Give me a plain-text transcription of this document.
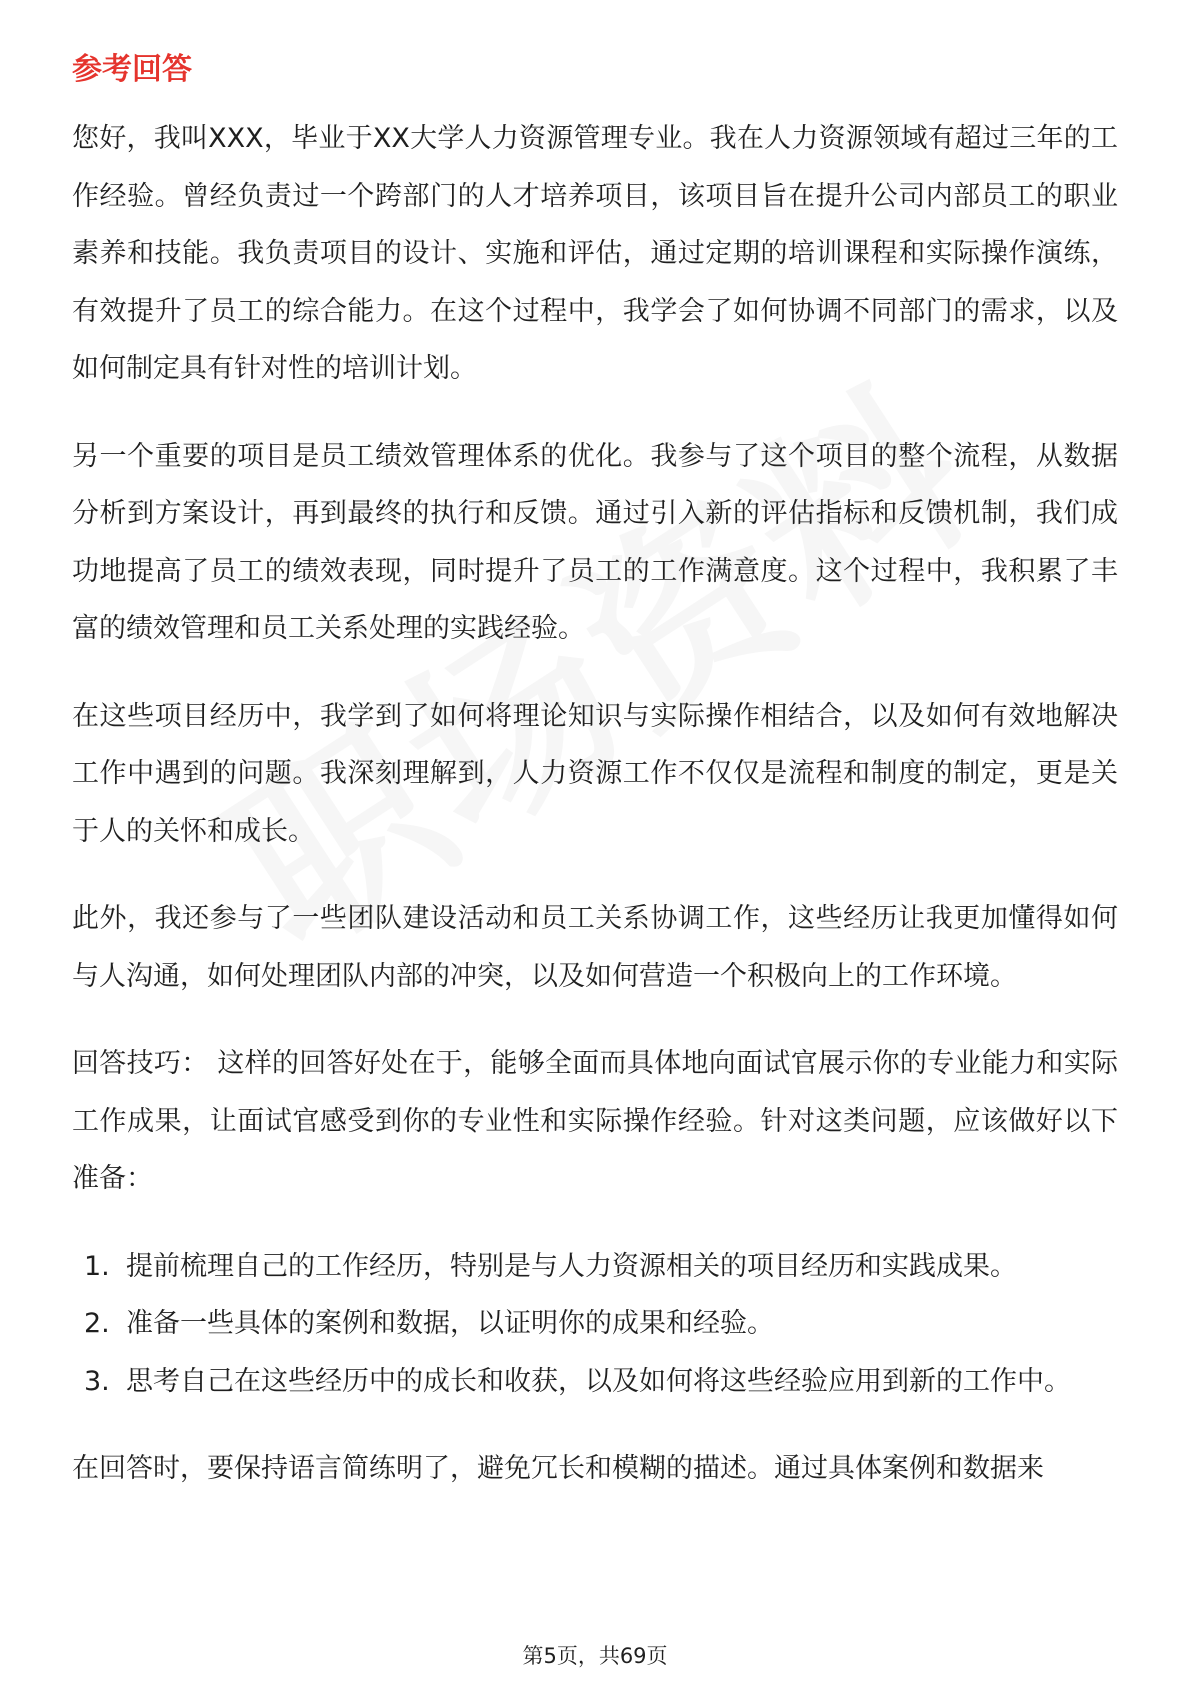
参考回答

您好，我叫XXX，毕业于XX大学人力资源管理专业。我在人力资源领域有超过三年的工作经验。曾经负责过一个跨部门的人才培养项目，该项目旨在提升公司内部员工的职业素养和技能。我负责项目的设计、实施和评估，通过定期的培训课程和实际操作演练，有效提升了员工的综合能力。在这个过程中，我学会了如何协调不同部门的需求，以及如何制定具有针对性的培训计划。

另一个重要的项目是员工绩效管理体系的优化。我参与了这个项目的整个流程，从数据分析到方案设计，再到最终的执行和反馈。通过引入新的评估指标和反馈机制，我们成功地提高了员工的绩效表现，同时提升了员工的工作满意度。这个过程中，我积累了丰富的绩效管理和员工关系处理的实践经验。

在这些项目经历中，我学到了如何将理论知识与实际操作相结合，以及如何有效地解决工作中遇到的问题。我深刻理解到，人力资源工作不仅仅是流程和制度的制定，更是关于人的关怀和成长。

此外，我还参与了一些团队建设活动和员工关系协调工作，这些经历让我更加懂得如何与人沟通，如何处理团队内部的冲突，以及如何营造一个积极向上的工作环境。

回答技巧： 这样的回答好处在于，能够全面而具体地向面试官展示你的专业能力和实际工作成果，让面试官感受到你的专业性和实际操作经验。针对这类问题，应该做好以下准备：

1. 提前梳理自己的工作经历，特别是与人力资源相关的项目经历和实践成果。
2. 准备一些具体的案例和数据，以证明你的成果和经验。
3. 思考自己在这些经历中的成长和收获，以及如何将这些经验应用到新的工作中。

在回答时，要保持语言简练明了，避免冗长和模糊的描述。通过具体案例和数据来

第5页，共69页
